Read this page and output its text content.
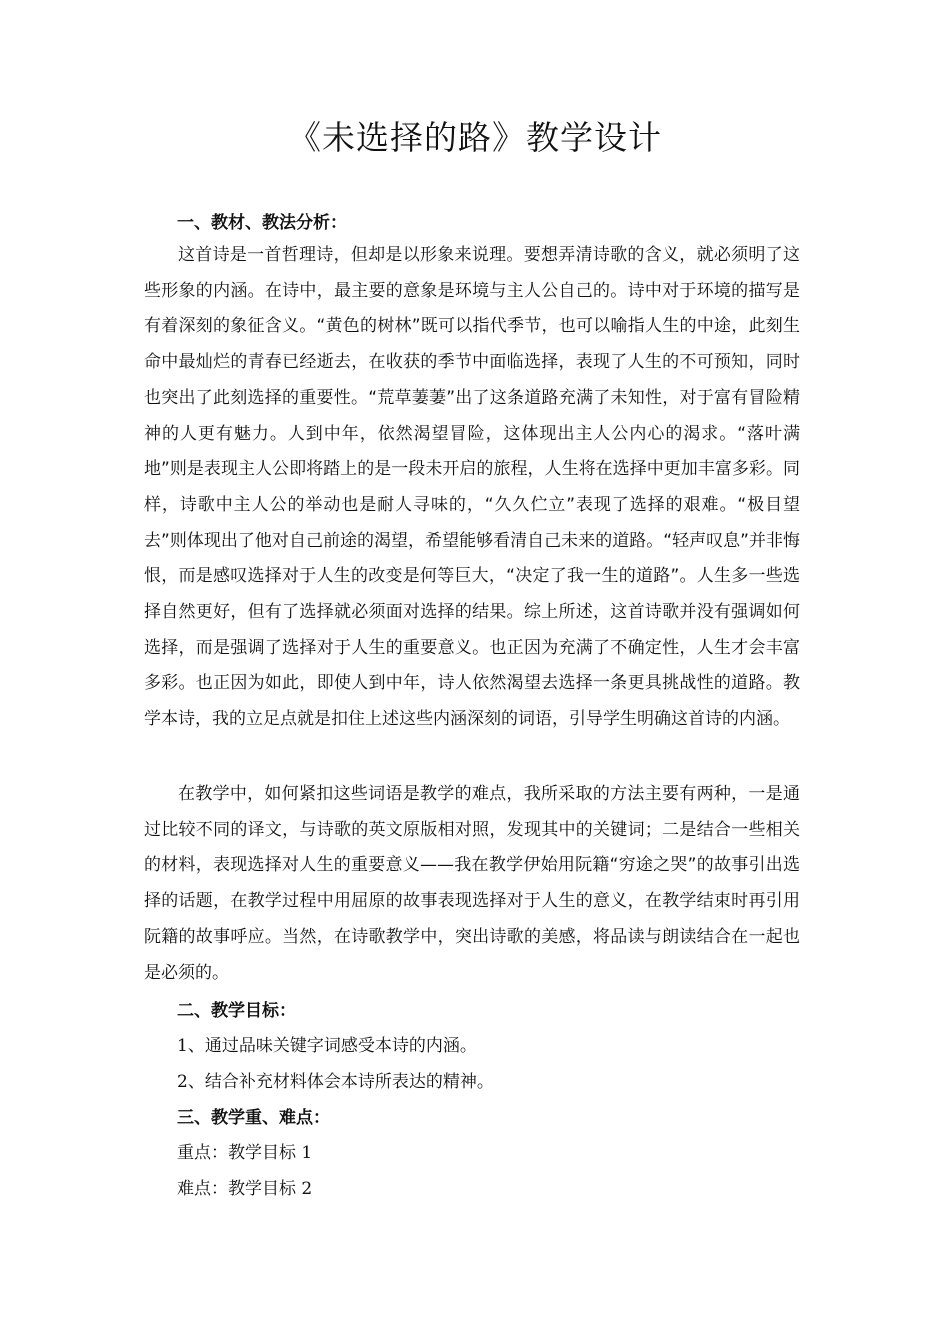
《未选择的路》教学设计
一、教材、教法分析：

这首诗是一首哲理诗，但却是以形象来说理。要想弄清诗歌的含义，就必须明了这些形象的内涵。在诗中，最主要的意象是环境与主人公自己的。诗中对于环境的描写是有着深刻的象征含义。“黄色的树林”既可以指代季节，也可以喻指人生的中途，此刻生命中最灿烂的青春已经逝去，在收获的季节中面临选择，表现了人生的不可预知，同时也突出了此刻选择的重要性。“荒草萋萋”出了这条道路充满了未知性，对于富有冒险精神的人更有魅力。人到中年，依然渴望冒险，这体现出主人公内心的渴求。“落叶满地”则是表现主人公即将踏上的是一段未开启的旅程，人生将在选择中更加丰富多彩。同样，诗歌中主人公的举动也是耐人寻味的，“久久伫立”表现了选择的艰难。“极目望去”则体现出了他对自己前途的渴望，希望能够看清自己未来的道路。“轻声叹息”并非悔恨，而是感叹选择对于人生的改变是何等巨大，“决定了我一生的道路”。人生多一些选择自然更好，但有了选择就必须面对选择的结果。综上所述，这首诗歌并没有强调如何选择，而是强调了选择对于人生的重要意义。也正因为充满了不确定性，人生才会丰富多彩。也正因为如此，即使人到中年，诗人依然渴望去选择一条更具挑战性的道路。教学本诗，我的立足点就是扣住上述这些内涵深刻的词语，引导学生明确这首诗的内涵。

在教学中，如何紧扣这些词语是教学的难点，我所采取的方法主要有两种，一是通过比较不同的译文，与诗歌的英文原版相对照，发现其中的关键词；二是结合一些相关的材料，表现选择对人生的重要意义——我在教学伊始用阮籍“穷途之哭”的故事引出选择的话题，在教学过程中用屈原的故事表现选择对于人生的意义，在教学结束时再引用阮籍的故事呼应。当然，在诗歌教学中，突出诗歌的美感，将品读与朗读结合在一起也是必须的。

二、教学目标：

1、通过品味关键字词感受本诗的内涵。

2、结合补充材料体会本诗所表达的精神。

三、教学重、难点：

重点：教学目标 1

难点：教学目标 2
